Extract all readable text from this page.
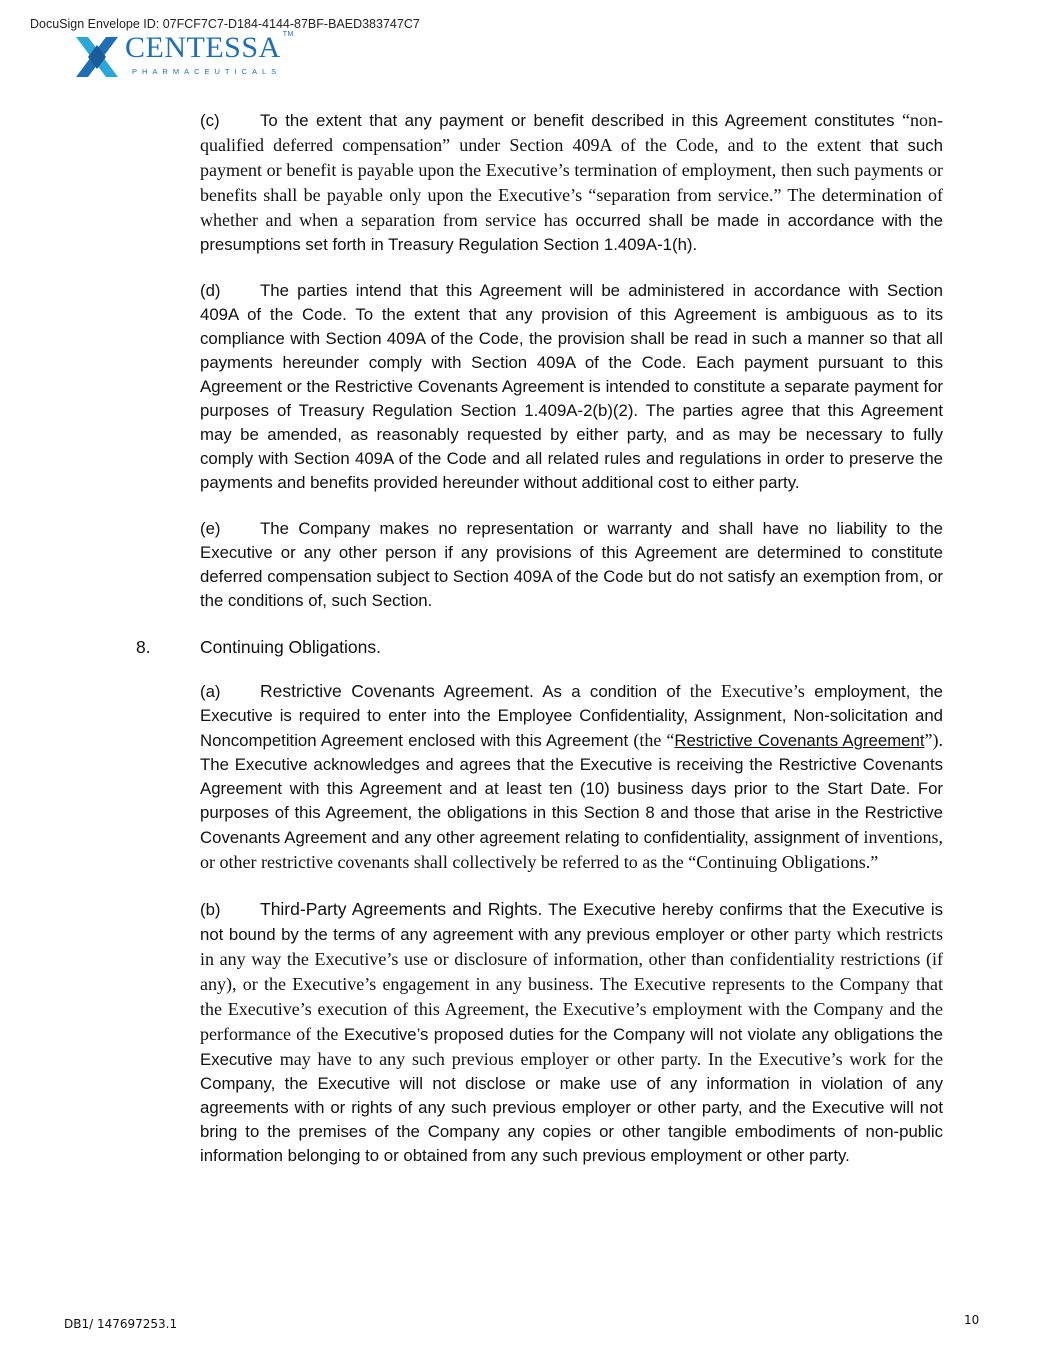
DocuSign Envelope ID: 07FCF7C7-D184-4144-87BF-BAED383747C7
CENTESSA ™
PHARMACEUTICALS

(c) To the extent that any payment or benefit described in this Agreement constitutes “non-qualified deferred compensation” under Section 409A of the Code, and to the extent that such payment or benefit is payable upon the Executive’s termination of employment, then such payments or benefits shall be payable only upon the Executive’s “separation from service.” The determination of whether and when a separation from service has occurred shall be made in accordance with the presumptions set forth in Treasury Regulation Section 1.409A-1(h).

(d) The parties intend that this Agreement will be administered in accordance with Section 409A of the Code. To the extent that any provision of this Agreement is ambiguous as to its compliance with Section 409A of the Code, the provision shall be read in such a manner so that all payments hereunder comply with Section 409A of the Code. Each payment pursuant to this Agreement or the Restrictive Covenants Agreement is intended to constitute a separate payment for purposes of Treasury Regulation Section 1.409A-2(b)(2). The parties agree that this Agreement may be amended, as reasonably requested by either party, and as may be necessary to fully comply with Section 409A of the Code and all related rules and regulations in order to preserve the payments and benefits provided hereunder without additional cost to either party.

(e) The Company makes no representation or warranty and shall have no liability to the Executive or any other person if any provisions of this Agreement are determined to constitute deferred compensation subject to Section 409A of the Code but do not satisfy an exemption from, or the conditions of, such Section.

8.	Continuing Obligations.

(a) Restrictive Covenants Agreement. As a condition of the Executive’s employment, the Executive is required to enter into the Employee Confidentiality, Assignment, Non-solicitation and Noncompetition Agreement enclosed with this Agreement (the “Restrictive Covenants Agreement”). The Executive acknowledges and agrees that the Executive is receiving the Restrictive Covenants Agreement with this Agreement and at least ten (10) business days prior to the Start Date. For purposes of this Agreement, the obligations in this Section 8 and those that arise in the Restrictive Covenants Agreement and any other agreement relating to confidentiality, assignment of inventions, or other restrictive covenants shall collectively be referred to as the “Continuing Obligations.”

(b) Third-Party Agreements and Rights. The Executive hereby confirms that the Executive is not bound by the terms of any agreement with any previous employer or other party which restricts in any way the Executive’s use or disclosure of information, other than confidentiality restrictions (if any), or the Executive’s engagement in any business. The Executive represents to the Company that the Executive’s execution of this Agreement, the Executive’s employment with the Company and the performance of the Executive’s proposed duties for the Company will not violate any obligations the Executive may have to any such previous employer or other party. In the Executive’s work for the Company, the Executive will not disclose or make use of any information in violation of any agreements with or rights of any such previous employer or other party, and the Executive will not bring to the premises of the Company any copies or other tangible embodiments of non-public information belonging to or obtained from any such previous employment or other party.

DB1/ 147697253.1	10
